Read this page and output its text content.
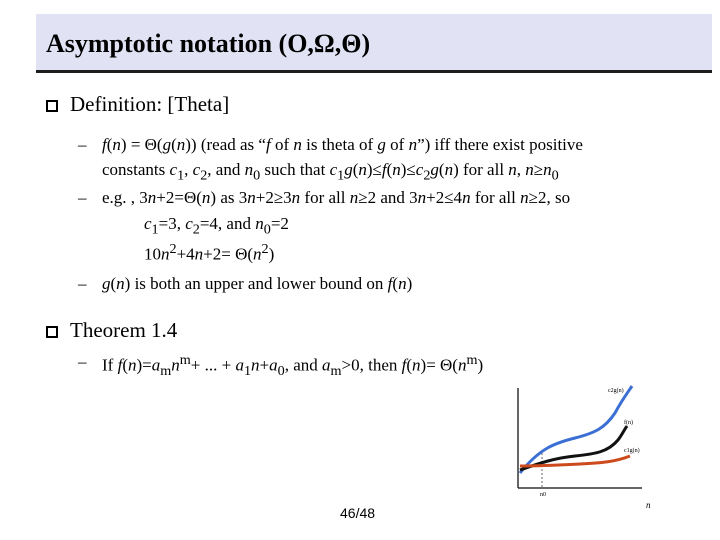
Asymptotic notation (O,Ω,Θ)
Definition: [Theta]
– f(n) = Θ(g(n)) (read as “f of n is theta of g of n”) iff there exist positive
constants $c_1$, $c_2$, and $n_0$ such that $c_1g(n)\le f(n)\le c_2g(n)$ for all n, $n\ge n_0$
– e.g. , 3n+2=Θ(n) as 3n+2≥3n for all n≥2 and 3n+2≤4n for all n≥2, so
$c_1=3$, $c_2=4$, and $n_0=2$
$10n^2+4n+2= \Theta(n^2)$
– g(n) is both an upper and lower bound on f(n)
Theorem 1.4
– If $f(n)=a_mn^m+$ ... + $a_1n+a_0$, and $a_m>0$, then $f(n)= \Theta(n^m)$
c2g(n)
f(n)
c1g(n)
n0
n
46/48
